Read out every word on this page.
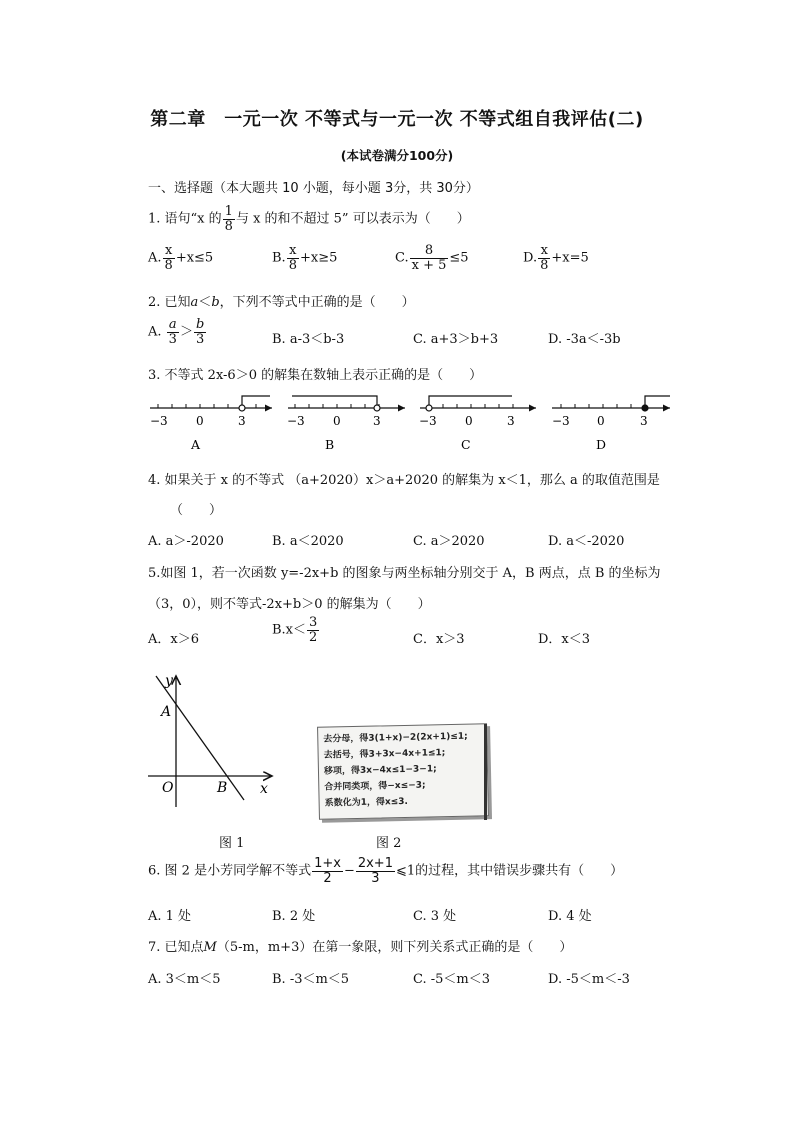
第二章　一元一次 不等式与一元一次 不等式组自我评估(二)
(本试卷满分100分)
一、选择题（本大题共 10 小题，每小题 3分，共 30分）
1. 语句“x 的 $\frac{1}{8}$ 与 x 的和不超过 5” 可以表示为（　　）
A. $\frac{x}{8} +x\le 5$	B. $\frac{x}{8} +x\ge 5$	C. $\frac{8}{x + 5} \le 5$	D. $\frac{x}{8} +x=5$
2. 已知a＜b，下列不等式中正确的是（　　）
A. $\frac{a}{3} > \frac{b}{3}$	B. a-3＜b-3	C. a+3＞b+3	D. -3a＜-3b
3. 不等式 2x-6＞0 的解集在数轴上表示正确的是（　　）
−3 0	3
A
−3 0	3
B
−3 0	3
C
−3 0	3
D
4. 如果关于 x 的不等式 （a+2020）x＞a+2020 的解集为 x＜1，那么 a 的取值范围是
（　　）
A. a＞-2020	B. a＜2020	C. a＞2020	D. a＜-2020
5.如图 1，若一次函数 y=-2x+b 的图象与两坐标轴分别交于 A，B 两点，点 B 的坐标为
（3，0），则不等式-2x+b＞0 的解集为（　　）
A．x＞6
$B.x< \frac{3}{2}$	C．x＞3	D．x＜3
y
x
A
O	B
图 1
去分母，得3(1+x)−2(2x+1)≤1;
去括号，得3+3x−4x+1≤1;
移项，得3x−4x≤1−3−1;
合并同类项，得−x≤−3;
系数化为1，得x≤3.
图 2
6. 图 2 是小芳同学解不等式 $\frac{1+x}{2} - \frac{2x+1}{3}$ ⩽1的过程，其中错误步骤共有（　　）
A. 1 处	B. 2 处	C. 3 处	D. 4 处
7. 已知点M（5-m，m+3）在第一象限，则下列关系式正确的是（　　）
A. 3＜m＜5	B. -3＜m＜5	C. -5＜m＜3	D. -5＜m＜-3
